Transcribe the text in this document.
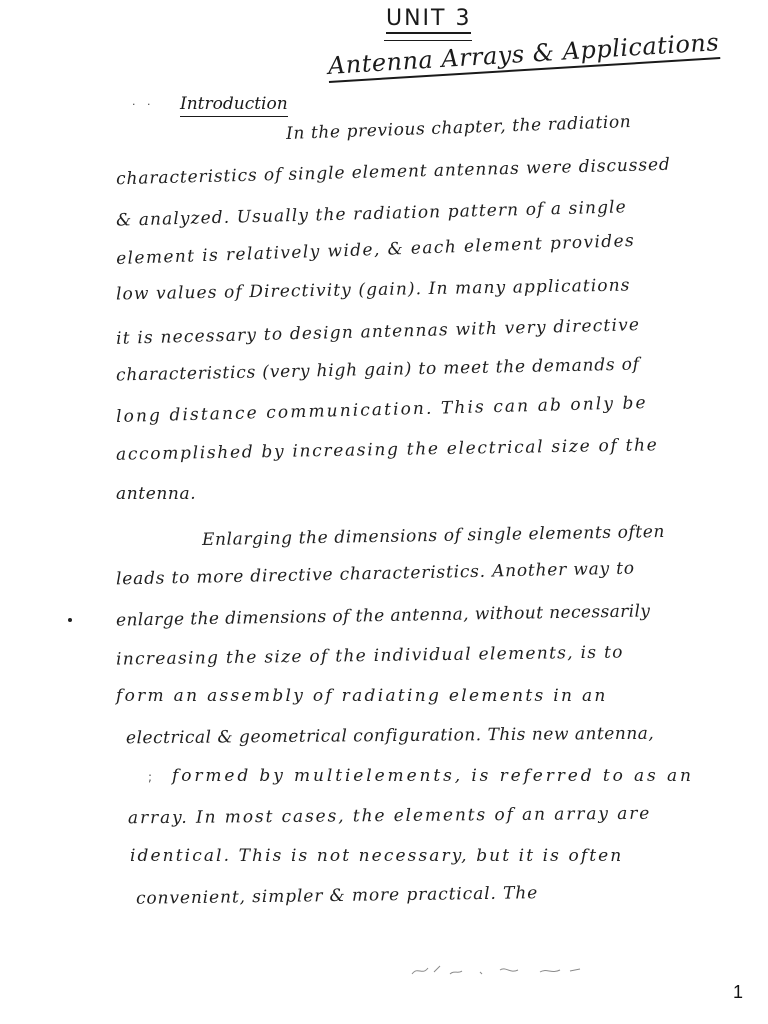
UNIT 3
Antenna Arrays & Applications
· · Introduction
In the previous chapter, the radiation
characteristics of single element antennas were discussed
& analyzed. Usually the radiation pattern of a single
element is relatively wide, & each element provides
low values of Directivity (gain). In many applications
it is necessary to design antennas with very directive
characteristics (very high gain) to meet the demands of
long distance communication. This can ab only be
accomplished by increasing the electrical size of the
antenna.
Enlarging the dimensions of single elements often
leads to more directive characteristics. Another way to
enlarge the dimensions of the antenna, without necessarily
increasing the size of the individual elements, is to
form an assembly of radiating elements in an
electrical & geometrical configuration. This new antenna,
; formed by multielements, is referred to as an
array. In most cases, the elements of an array are
identical. This is not necessary, but it is often
convenient, simpler & more practical. The
1
